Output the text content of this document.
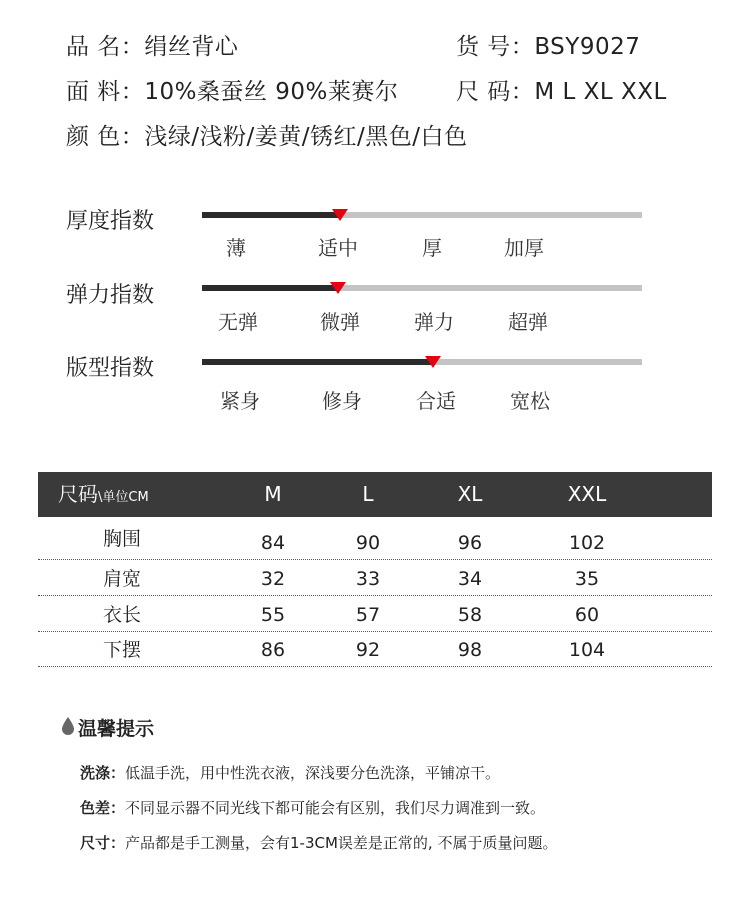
品 名：绢丝背心	货 号：BSY9027
面 料：10%桑蚕丝 90%莱赛尔	尺 码：M L XL XXL
颜 色：浅绿/浅粉/姜黄/锈红/黑色/白色
厚度指数
薄	适中	厚	加厚
弹力指数
无弹	微弹	弹力	超弹
版型指数
紧身	修身	合适	宽松
尺码\单位CM	M	L	XL	XXL
胸围	84	90	96	102
肩宽	32	33	34	35
衣长	55	57	58	60
下摆	86	92	98	104
温馨提示
洗涤：低温手洗，用中性洗衣液，深浅要分色洗涤，平铺凉干。
色差：不同显示器不同光线下都可能会有区别，我们尽力调准到一致。
尺寸：产品都是手工测量，会有1-3CM误差是正常的, 不属于质量问题。
